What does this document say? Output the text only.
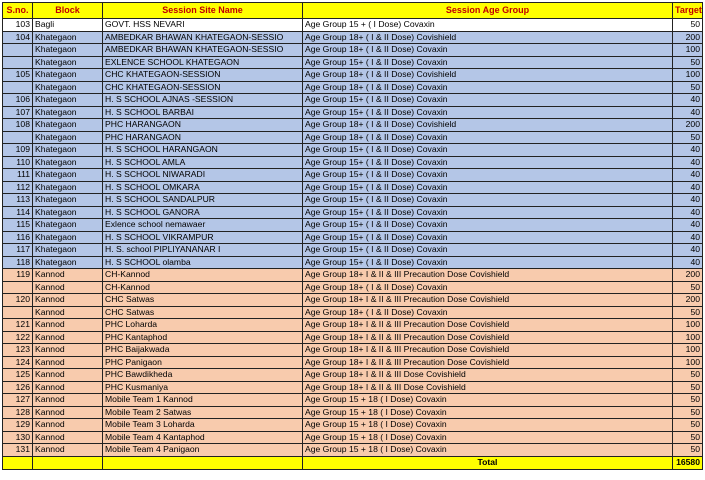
S.no.	Block	Session Site Name	Session Age Group	Target
103	Bagli	GOVT. HSS NEVARI	Age Group 15 + ( I Dose) Covaxin	50
104	Khategaon	AMBEDKAR BHAWAN KHATEGAON-SESSIO	Age Group 18+ ( I & II Dose) Covishield	200
	Khategaon	AMBEDKAR BHAWAN KHATEGAON-SESSIO	Age Group 18+ ( I & II Dose) Covaxin	100
	Khategaon	EXLENCE SCHOOL KHATEGAON	Age Group 15+ ( I & II Dose) Covaxin	50
105	Khategaon	CHC KHATEGAON-SESSION	Age Group 18+ ( I & II Dose) Covishield	100
	Khategaon	CHC KHATEGAON-SESSION	Age Group 18+ ( I & II Dose) Covaxin	50
106	Khategaon	H. S SCHOOL AJNAS -SESSION	Age Group 15+ ( I & II Dose) Covaxin	40
107	Khategaon	H. S SCHOOL BARBAI	Age Group 15+ ( I & II Dose) Covaxin	40
108	Khategaon	PHC HARANGAON	Age Group 18+ ( I & II Dose) Covishield	200
	Khategaon	PHC HARANGAON	Age Group 18+ ( I & II Dose) Covaxin	50
109	Khategaon	H. S SCHOOL HARANGAON	Age Group 15+ ( I & II Dose) Covaxin	40
110	Khategaon	H. S SCHOOL AMLA	Age Group 15+ ( I & II Dose) Covaxin	40
111	Khategaon	H. S SCHOOL NIWARADI	Age Group 15+ ( I & II Dose) Covaxin	40
112	Khategaon	H. S SCHOOL OMKARA	Age Group 15+ ( I & II Dose) Covaxin	40
113	Khategaon	H. S SCHOOL SANDALPUR	Age Group 15+ ( I & II Dose) Covaxin	40
114	Khategaon	H. S SCHOOL GANORA	Age Group 15+ ( I & II Dose) Covaxin	40
115	Khategaon	Exlence school nemawaer	Age Group 15+ ( I & II Dose) Covaxin	40
116	Khategaon	H. S SCHOOL VIKRAMPUR	Age Group 15+ ( I & II Dose) Covaxin	40
117	Khategaon	H. S. school PIPLIYANANAR I	Age Group 15+ ( I & II Dose) Covaxin	40
118	Khategaon	H. S SCHOOL olamba	Age Group 15+ ( I & II Dose) Covaxin	40
119	Kannod	CH-Kannod	Age Group 18+ I & II & III Precaution Dose Covishield	200
	Kannod	CH-Kannod	Age Group 18+ ( I & II Dose) Covaxin	50
120	Kannod	CHC Satwas	Age Group 18+ I & II & III Precaution Dose Covishield	200
	Kannod	CHC Satwas	Age Group 18+ ( I & II Dose) Covaxin	50
121	Kannod	PHC Loharda	Age Group 18+ I & II & III Precaution Dose Covishield	100
122	Kannod	PHC Kantaphod	Age Group 18+ I & II & III Precaution Dose Covishield	100
123	Kannod	PHC Baijakwada	Age Group 18+ I & II & III Precaution Dose Covishield	100
124	Kannod	PHC Panigaon	Age Group 18+ I & II & III Precaution Dose Covishield	100
125	Kannod	PHC Bawdikheda	Age Group 18+ I & II & III Dose Covishield	50
126	Kannod	PHC Kusmaniya	Age Group 18+ I & II & III Dose Covishield	50
127	Kannod	Mobile Team 1 Kannod	Age Group 15 + 18 ( I Dose) Covaxin	50
128	Kannod	Mobile Team 2 Satwas	Age Group 15 + 18 ( I Dose) Covaxin	50
129	Kannod	Mobile Team 3 Loharda	Age Group 15 + 18 ( I Dose) Covaxin	50
130	Kannod	Mobile Team 4 Kantaphod	Age Group 15 + 18 ( I Dose) Covaxin	50
131	Kannod	Mobile Team 4 Panigaon	Age Group 15 + 18 ( I Dose) Covaxin	50
			Total	16580
